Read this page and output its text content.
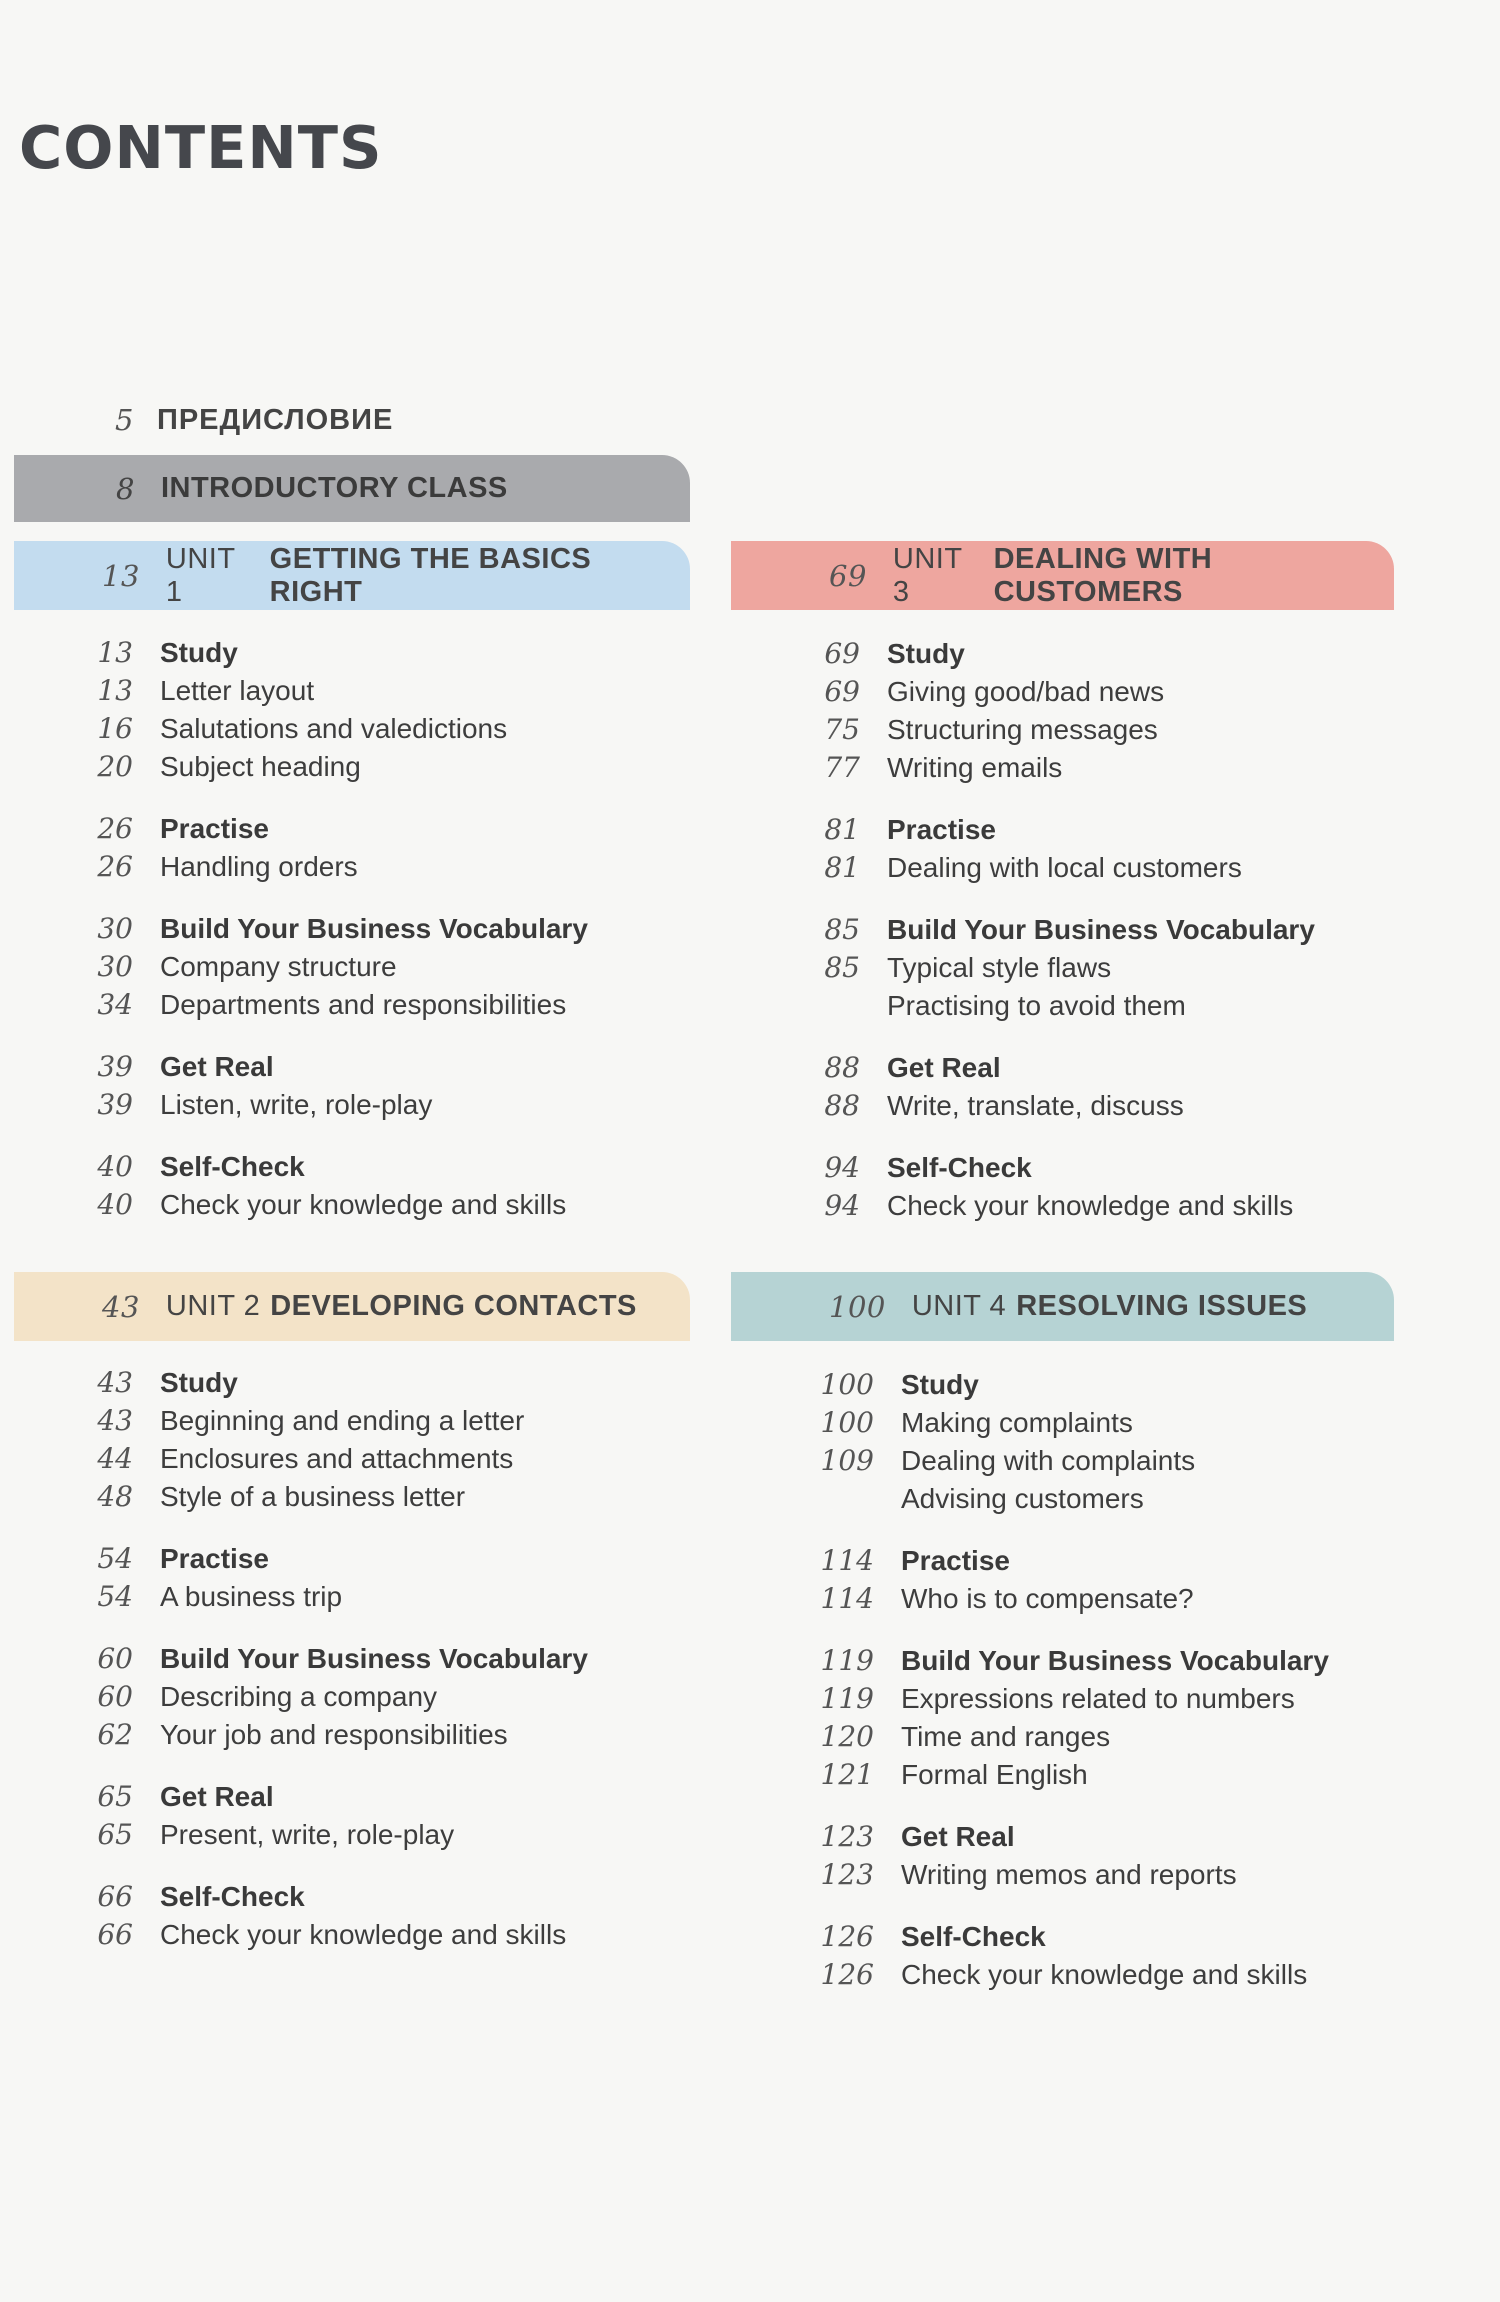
CONTENTS
5 ПРЕДИСЛОВИЕ
8 INTRODUCTORY CLASS
13 UNIT 1
GETTING THE BASICS RIGHT	69 UNIT 3
DEALING WITH CUSTOMERS
43 UNIT 2 DEVELOPING CONTACTS	100 UNIT 4 RESOLVING ISSUES
13 Study
13 Letter layout
16 Salutations and valedictions
20 Subject heading
26 Practise
26 Handling orders
30 Build Your Business Vocabulary
30 Company structure
34 Departments and responsibilities
39 Get Real
39 Listen, write, role-play
40 Self-Check
40 Check your knowledge and skills
43 Study
43 Beginning and ending a letter
44 Enclosures and attachments
48 Style of a business letter
54 Practise
54 A business trip
60 Build Your Business Vocabulary
60 Describing a company
62 Your job and responsibilities
65 Get Real
65 Present, write, role-play
66 Self-Check
66 Check your knowledge and skills
69 Study
69 Giving good/bad news
75 Structuring messages
77 Writing emails
81 Practise
81 Dealing with local customers
85 Build Your Business Vocabulary
85 Typical style flaws
Practising to avoid them
88 Get Real
88 Write, translate, discuss
94 Self-Check
94 Check your knowledge and skills
100 Study
100 Making complaints
109 Dealing with complaints
Advising customers
114 Practise
114 Who is to compensate?
119 Build Your Business Vocabulary
119 Expressions related to numbers
120 Time and ranges
121 Formal English
123 Get Real
123 Writing memos and reports
126 Self-Check
126 Check your knowledge and skills
